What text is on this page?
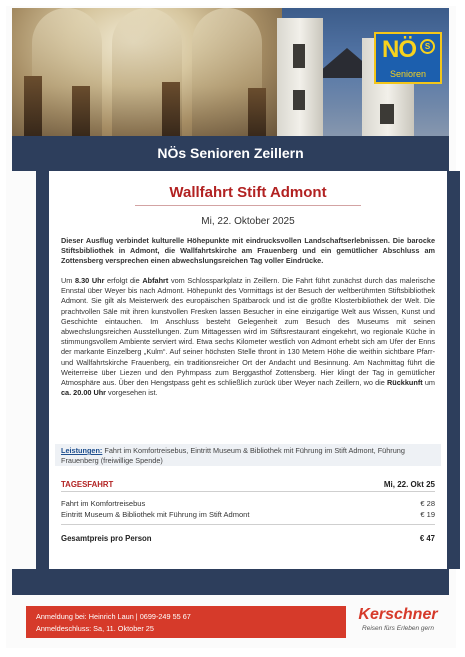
NÖ	S
Senioren
NÖs Senioren Zeillern
Wallfahrt Stift Admont
Mi, 22. Oktober 2025
Dieser Ausflug verbindet kulturelle Höhepunkte mit eindrucksvollen Landschaftserlebnissen. Die barocke Stiftsbibliothek in Admont, die Wallfahrtskirche am Frauenberg und ein gemütlicher Abschluss am Zottensberg versprechen einen abwechslungsreichen Tag voller Eindrücke.
Um 8.30 Uhr erfolgt die Abfahrt vom Schlossparkplatz in Zeillern. Die Fahrt führt zunächst durch das malerische Ennstal über Weyer bis nach Admont. Höhepunkt des Vormittags ist der Besuch der weltberühmten Stiftsbibliothek Admont. Sie gilt als Meisterwerk des europäischen Spätbarock und ist die größte Klosterbibliothek der Welt. Die prachtvollen Säle mit ihren kunstvollen Fresken lassen Besucher in eine einzigartige Welt aus Wissen, Kunst und Geschichte eintauchen. Im Anschluss besteht Gelegenheit zum Besuch des Museums mit seinen abwechslungsreichen Ausstellungen. Zum Mittagessen wird im Stiftsrestaurant eingekehrt, wo regionale Küche in stimmungsvollem Ambiente serviert wird. Etwa sechs Kilometer westlich von Admont erhebt sich am Ufer der Enns der markante Einzelberg „Kulm“. Auf seiner höchsten Stelle thront in 130 Metern Höhe die weithin sichtbare Pfarr- und Wallfahrtskirche Frauenberg, ein traditionsreicher Ort der Andacht und Besinnung. Am Nachmittag führt die Weiterreise über Liezen und den Pyhrnpass zum Berggasthof Zottensberg. Hier klingt der Tag in gemütlicher Atmosphäre aus. Über den Hengstpass geht es schließlich zurück über Weyer nach Zeillern, wo die Rückkunft um ca. 20.00 Uhr vorgesehen ist.
Leistungen: Fahrt im Komfortreisebus, Eintritt Museum & Bibliothek mit Führung im Stift Admont, Führung Frauenberg (freiwillige Spende)
TAGESFAHRT	Mi, 22. Okt 25
Fahrt im Komfortreisebus	€ 28
Eintritt Museum & Bibliothek mit Führung im Stift Admont	€ 19
Gesamtpreis pro Person	€ 47
Anmeldung bei: Heinrich Laun | 0699-249 55 67
Anmeldeschluss: Sa, 11. Oktober 25
Kerschner
Reisen fürs Erleben gern
